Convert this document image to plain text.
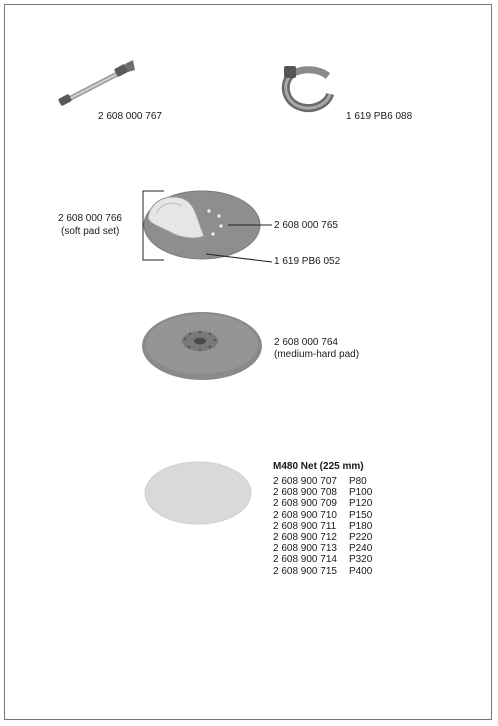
2 608 000 767	1 619 PB6 088
2 608 000 766
(soft pad set)
2 608 000 765
1 619 PB6 052
2 608 000 764
(medium-hard pad)
M480 Net (225 mm)
2 608 900 707	P80
2 608 900 708	P100
2 608 900 709	P120
2 608 900 710	P150
2 608 900 711	P180
2 608 900 712	P220
2 608 900 713	P240
2 608 900 714	P320
2 608 900 715	P400
